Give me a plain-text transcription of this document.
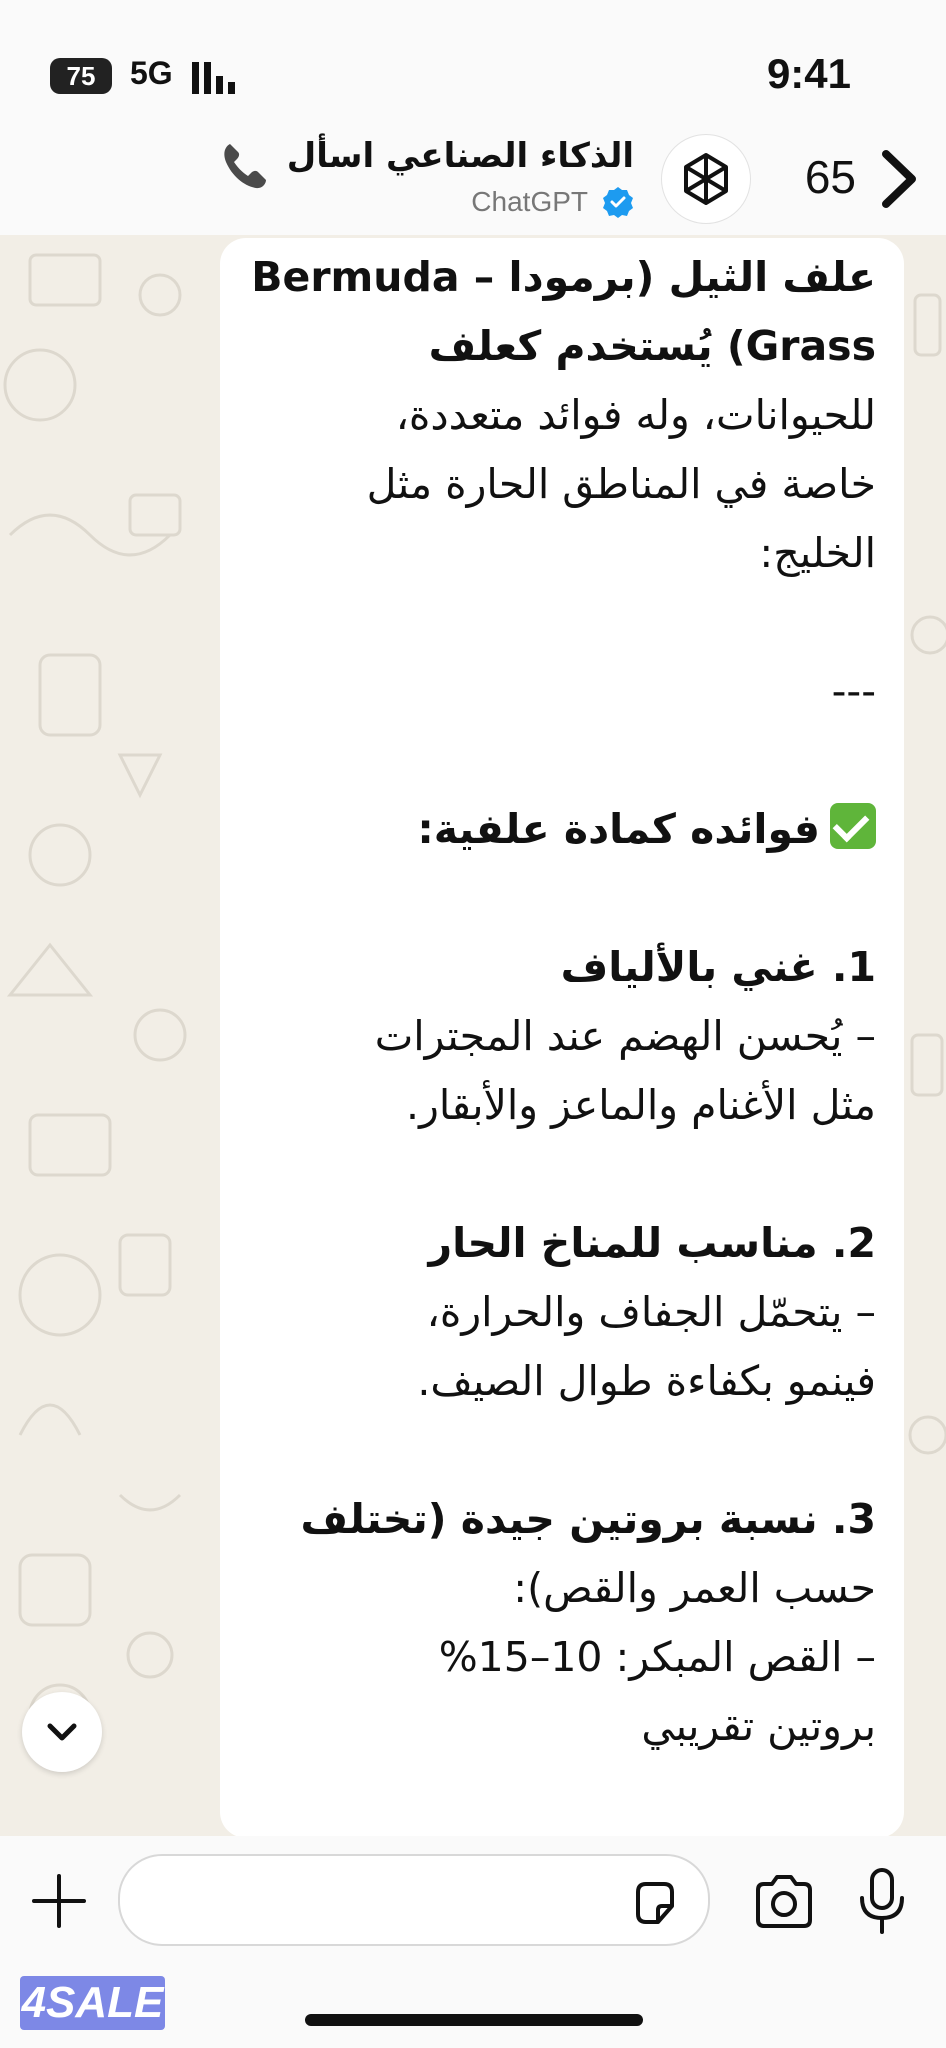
75	5G	9:41
65
الذكاء الصناعي اسأل
ChatGPT
علف الثيل (برمودا – Bermuda
Grass) يُستخدم كعلف
للحيوانات، وله فوائد متعددة،
خاصة في المناطق الحارة مثل
الخليج:
---
فوائده كمادة علفية:
1. غني بالألياف
– يُحسن الهضم عند المجترات
مثل الأغنام والماعز والأبقار.
2. مناسب للمناخ الحار
– يتحمّل الجفاف والحرارة،
فينمو بكفاءة طوال الصيف.
3. نسبة بروتين جيدة (تختلف
حسب العمر والقص):
– القص المبكر: 10–15%
بروتين تقريبي
4SALE
